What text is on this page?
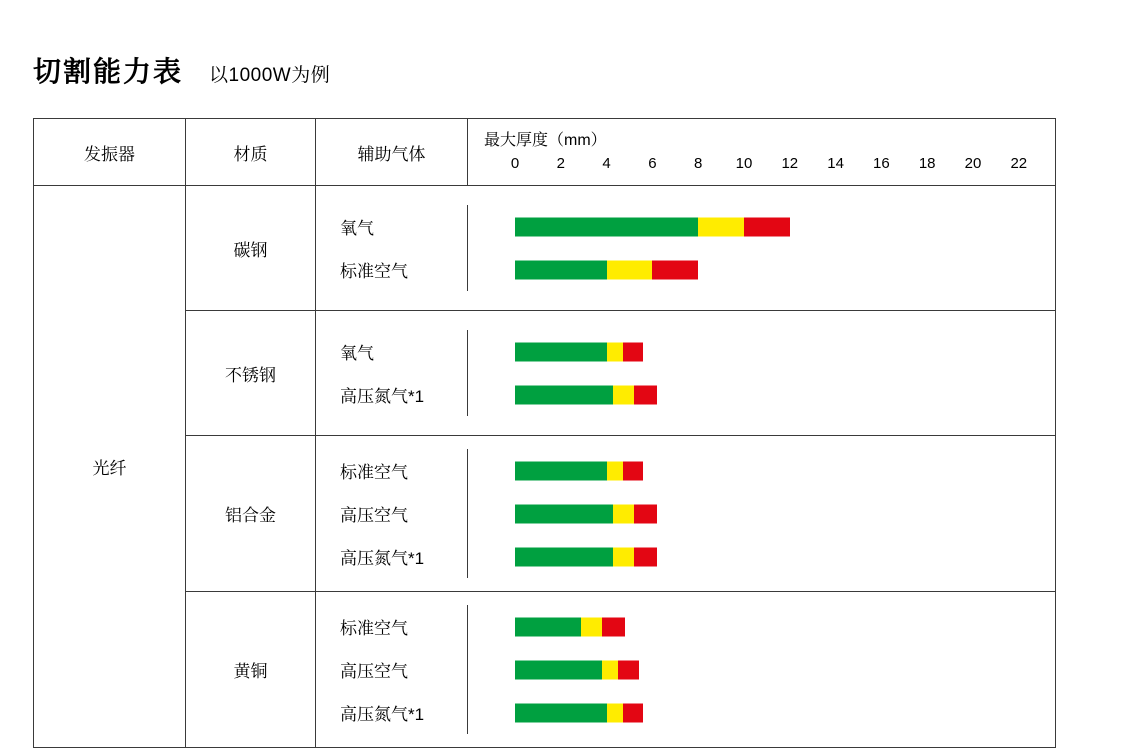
切割能力表 以1000W为例
发振器	材质	辅助气体
最大厚度（mm）
0 2 4 6 8 10 12 14 16 18 20 22
光纤
碳钢
氧气
标准空气
不锈钢
氧气
高压氮气*1
铝合金
标准空气
高压空气
高压氮气*1
黄铜
标准空气
高压空气
高压氮气*1
